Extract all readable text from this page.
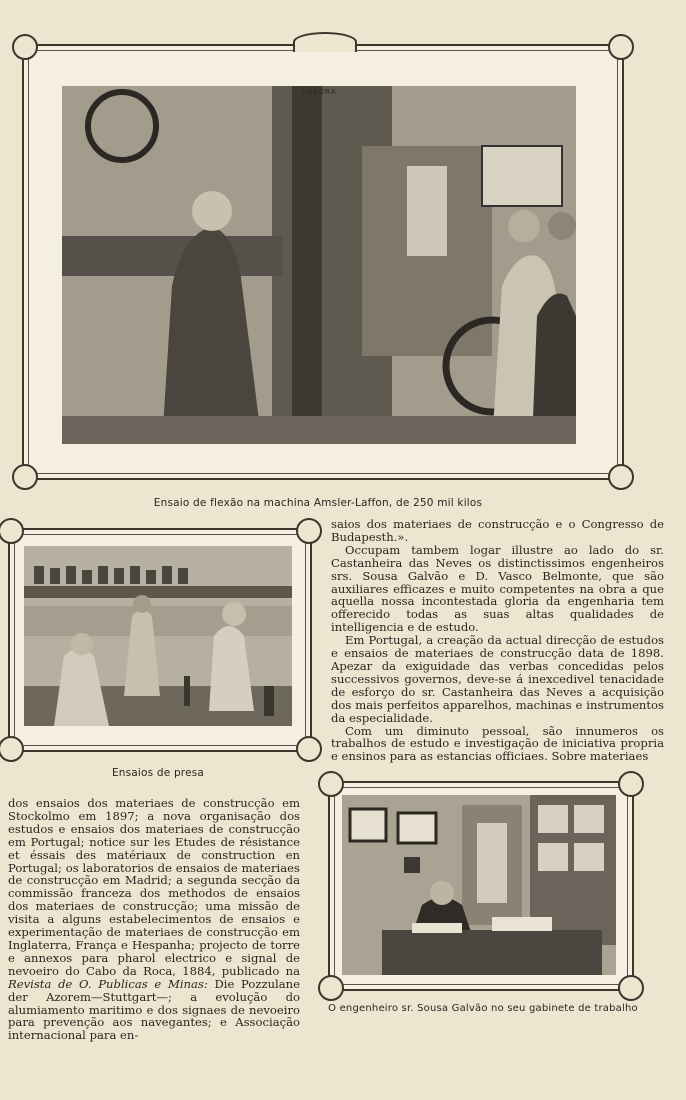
LABORA
Ensaio de flexão na machina Amsler-Laffon, de 250 mil kilos
Ensaios de presa

saios dos materiaes de construcção e o Congresso de Budapesth.».

Occupam tambem logar illustre ao lado do sr. Castanheira das Neves os distinctissimos engenheiros srs. Sousa Galvão e D. Vasco Belmonte, que são auxiliares efficazes e muito competentes na obra a que aquella nossa incontestada gloria da engenharia tem offerecido todas as suas altas qualidades de intelligencia e de estudo.

Em Portugal, a creação da actual direcção de estudos e ensaios de materiaes de construcção data de 1898. Apezar da exiguidade das verbas concedidas pelos successivos governos, deve-se á inexcedivel tenacidade de esforço do sr. Castanheira das Neves a acquisição dos mais perfeitos apparelhos, machinas e instrumentos da especialidade.

Com um diminuto pessoal, são innumeros os trabalhos de estudo e investigação de iniciativa propria e ensinos para as estancias officiaes. Sobre materiaes

dos ensaios dos materiaes de construcção em Stockolmo em 1897; a nova organisação dos estudos e ensaios dos materiaes de construcção em Portugal; notice sur les Etudes de résistance et éssais des matériaux de construction en Portugal; os laboratorios de ensaios de materiaes de construcção em Madrid; a segunda secção da commissão franceza dos methodos de ensaios dos materiaes de construcção; uma missão de visita a alguns estabelecimentos de ensaios e experimentação de materiaes de construcção em Inglaterra, França e Hespanha; projecto de torre e annexos para pharol electrico e signal de nevoeiro do Cabo da Roca, 1884, publicado na Revista de O. Publicas e Minas: Die Pozzulane der Azorem—Stuttgart—; a evolução do alumiamento maritimo e dos signaes de nevoeiro para prevenção aos navegantes; e Associação internacional para en-

O engenheiro sr. Sousa Galvão no seu gabinete de trabalho
